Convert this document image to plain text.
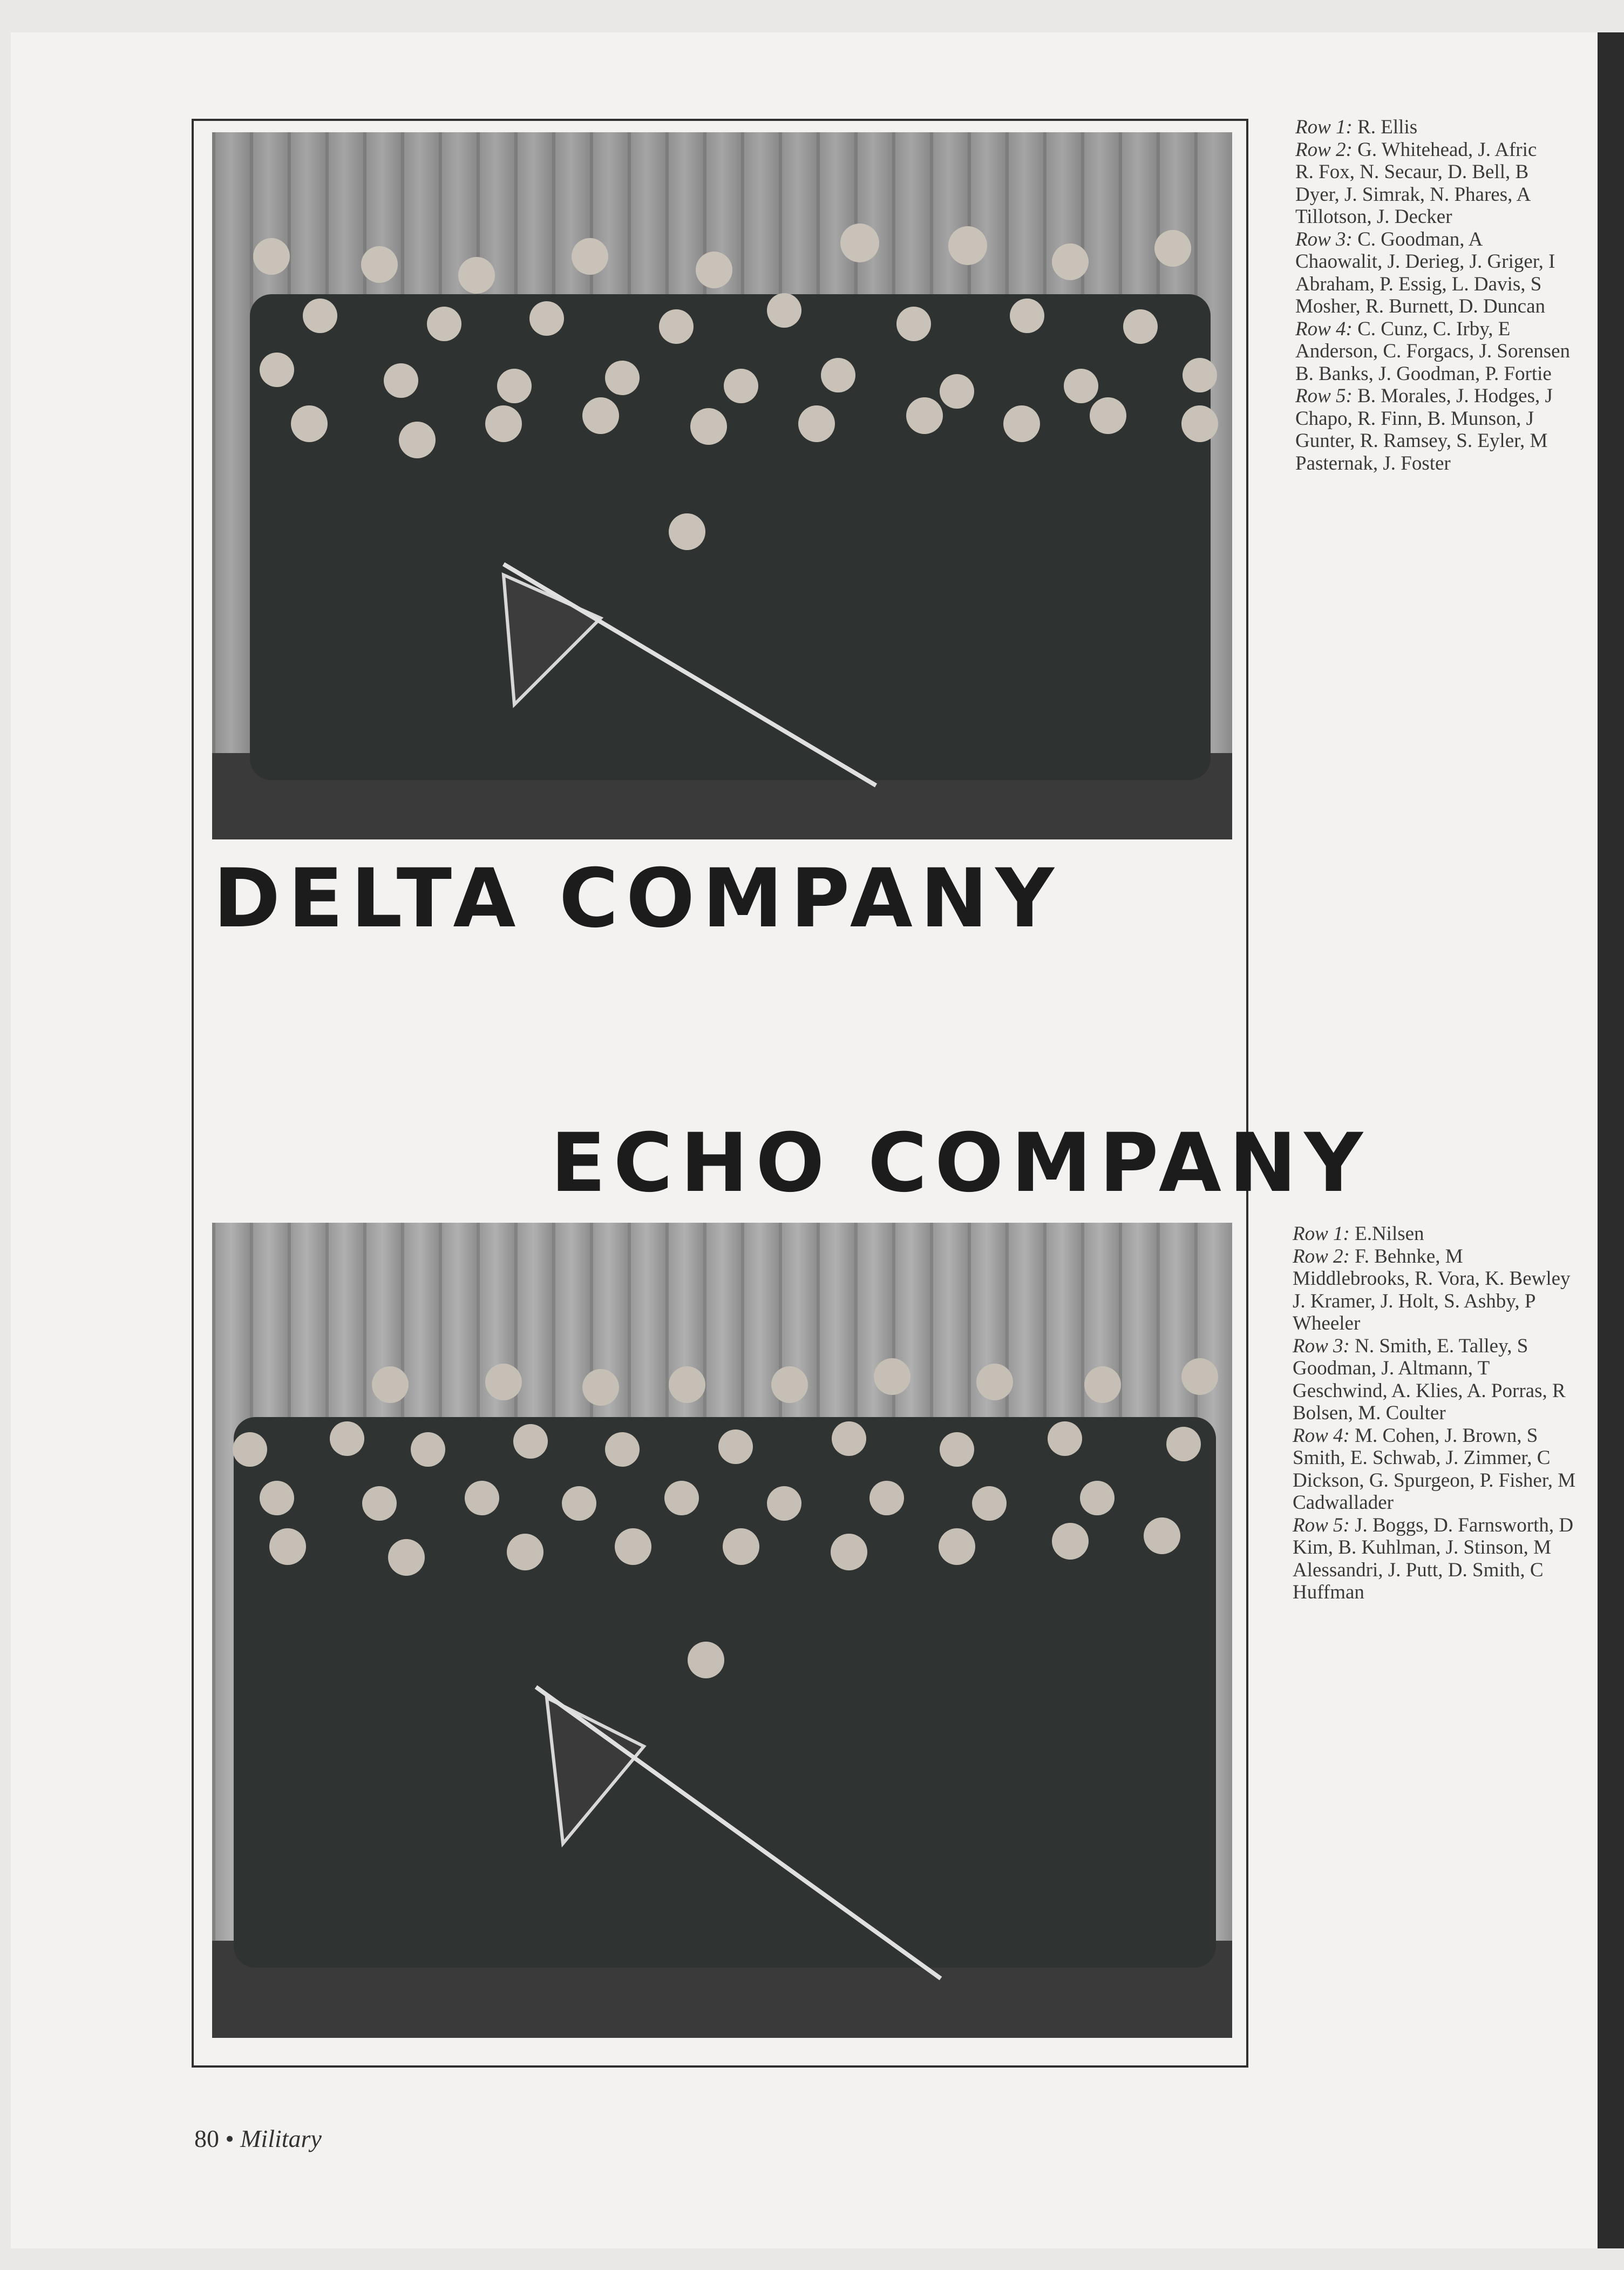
DELTA COMPANY
Row 1: R. Ellis
Row 2: G. Whitehead, J. Afric
R. Fox, N. Secaur, D. Bell, B
Dyer, J. Simrak, N. Phares, A
Tillotson, J. Decker
Row 3: C. Goodman, A
Chaowalit, J. Derieg, J. Griger, I
Abraham, P. Essig, L. Davis, S
Mosher, R. Burnett, D. Duncan
Row 4: C. Cunz, C. Irby, E
Anderson, C. Forgacs, J. Sorensen
B. Banks, J. Goodman, P. Fortie
Row 5: B. Morales, J. Hodges, J
Chapo, R. Finn, B. Munson, J
Gunter, R. Ramsey, S. Eyler, M
Pasternak, J. Foster
ECHO COMPANY
Row 1: E.Nilsen
Row 2: F. Behnke, M
Middlebrooks, R. Vora, K. Bewley
J. Kramer, J. Holt, S. Ashby, P
Wheeler
Row 3: N. Smith, E. Talley, S
Goodman, J. Altmann, T
Geschwind, A. Klies, A. Porras, R
Bolsen, M. Coulter
Row 4: M. Cohen, J. Brown, S
Smith, E. Schwab, J. Zimmer, C
Dickson, G. Spurgeon, P. Fisher, M
Cadwallader
Row 5: J. Boggs, D. Farnsworth, D
Kim, B. Kuhlman, J. Stinson, M
Alessandri, J. Putt, D. Smith, C
Huffman
80 • Military
